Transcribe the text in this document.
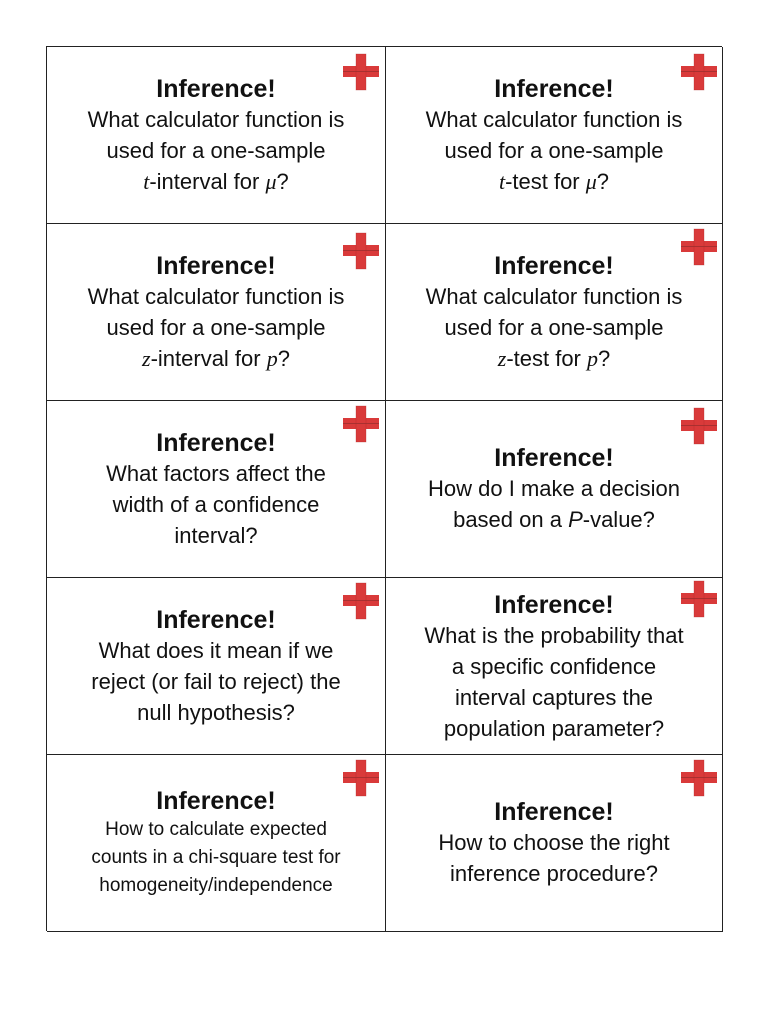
Inference!
What calculator function is
used for a one-sample
t-interval for μ?
Inference!
What calculator function is
used for a one-sample
t-test for μ?
Inference!
What calculator function is
used for a one-sample
z-interval for p?
Inference!
What calculator function is
used for a one-sample
z-test for p?
Inference!
What factors affect the
width of a confidence
interval?
Inference!
How do I make a decision
based on a P-value?
Inference!
What does it mean if we
reject (or fail to reject) the
null hypothesis?
Inference!
What is the probability that
a specific confidence
interval captures the
population parameter?
Inference!
How to calculate expected
counts in a chi-square test for
homogeneity/independence
Inference!
How to choose the right
inference procedure?
